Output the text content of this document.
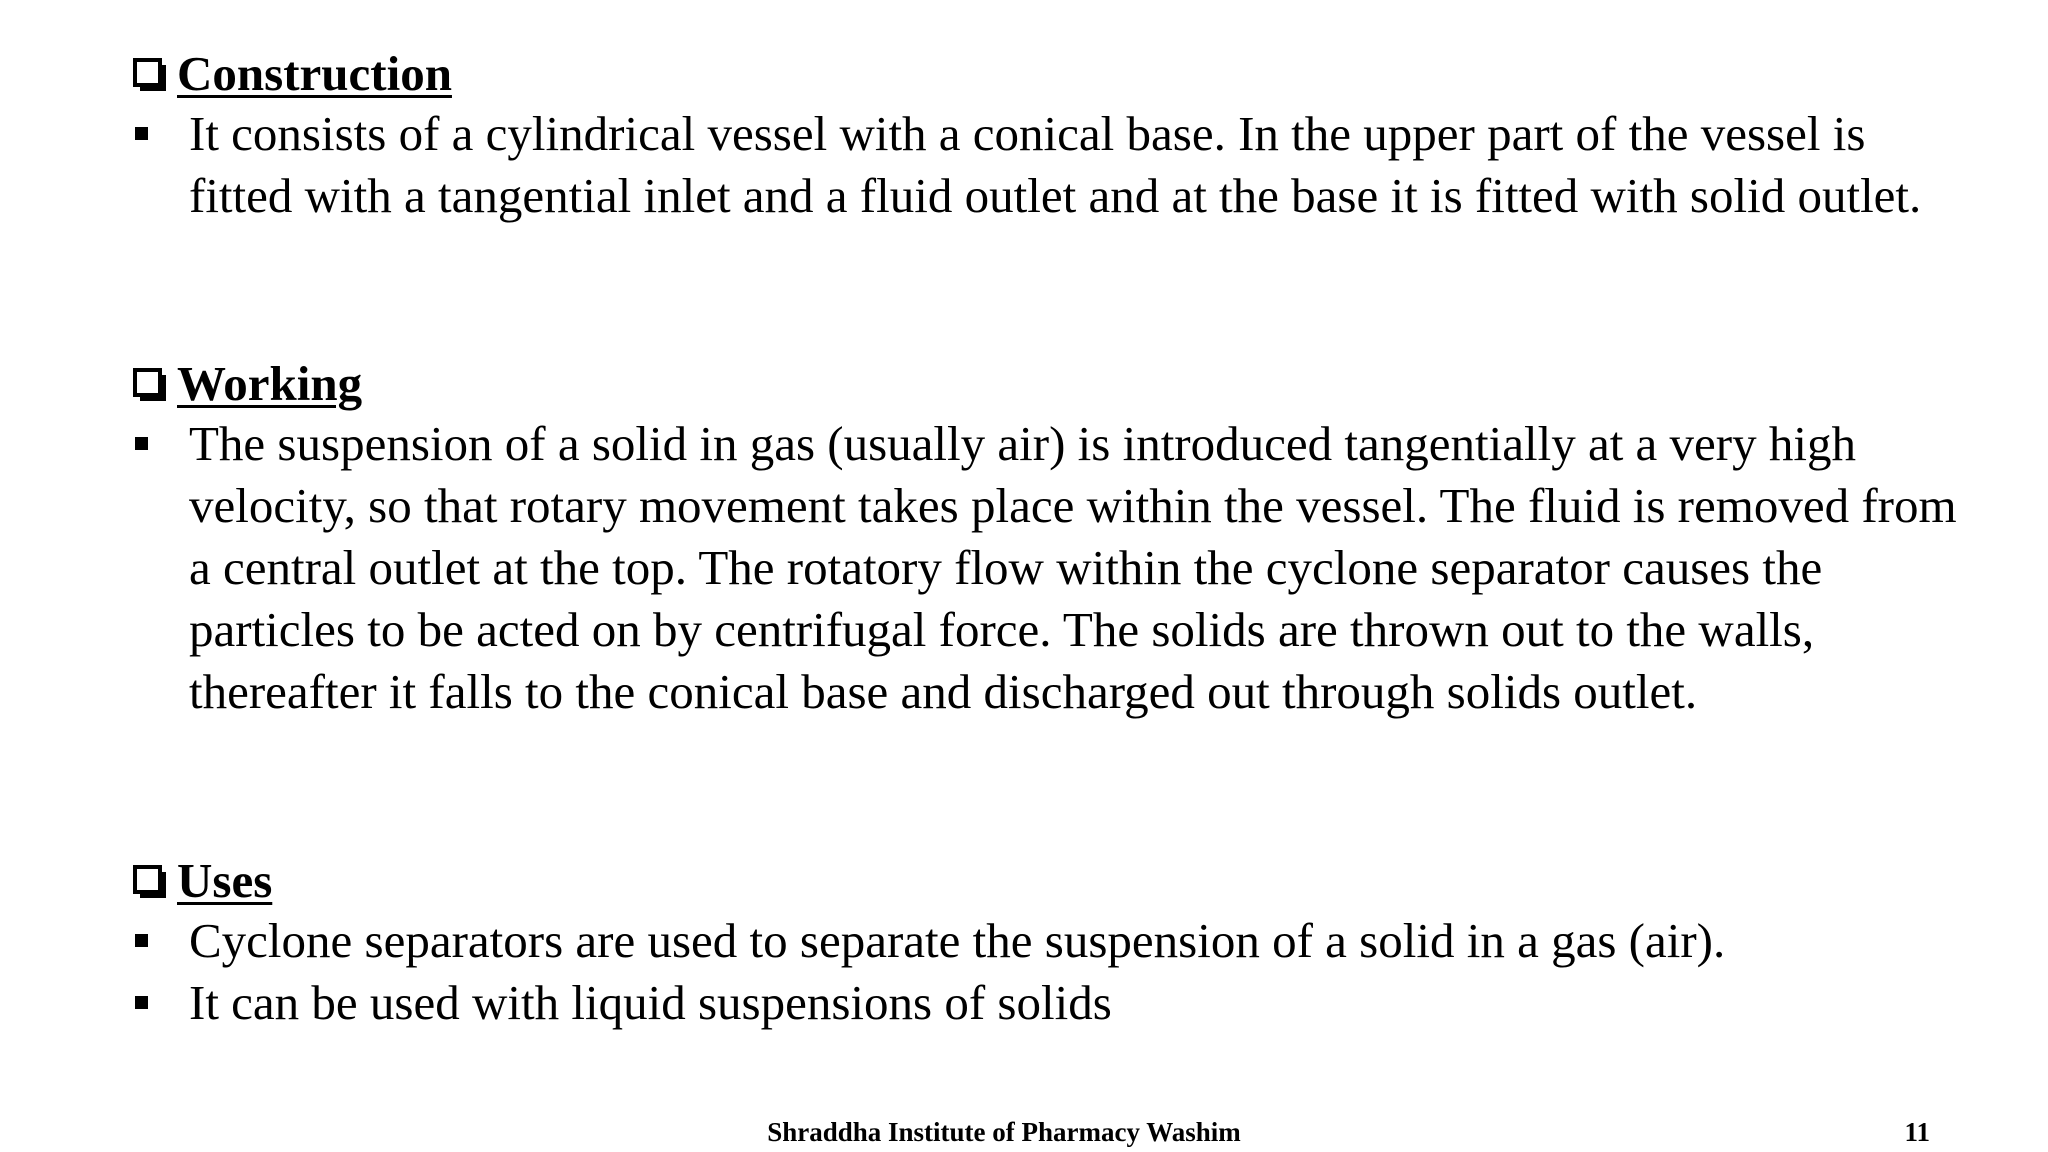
Construction
It consists of a cylindrical vessel with a conical base. In the upper part of the vessel is fitted with a tangential inlet and a fluid outlet and at the base it is fitted with solid outlet.
Working
The suspension of a solid in gas (usually air) is introduced tangentially at a very high velocity, so that rotary movement takes place within the vessel. The fluid is removed from a central outlet at the top. The rotatory flow within the cyclone separator causes the particles to be acted on by centrifugal force. The solids are thrown out to the walls, thereafter it falls to the conical base and discharged out through solids outlet.
Uses
Cyclone separators are used to separate the suspension of a solid in a gas (air).
It can be used with liquid suspensions of solids
Shraddha Institute of Pharmacy Washim	11
